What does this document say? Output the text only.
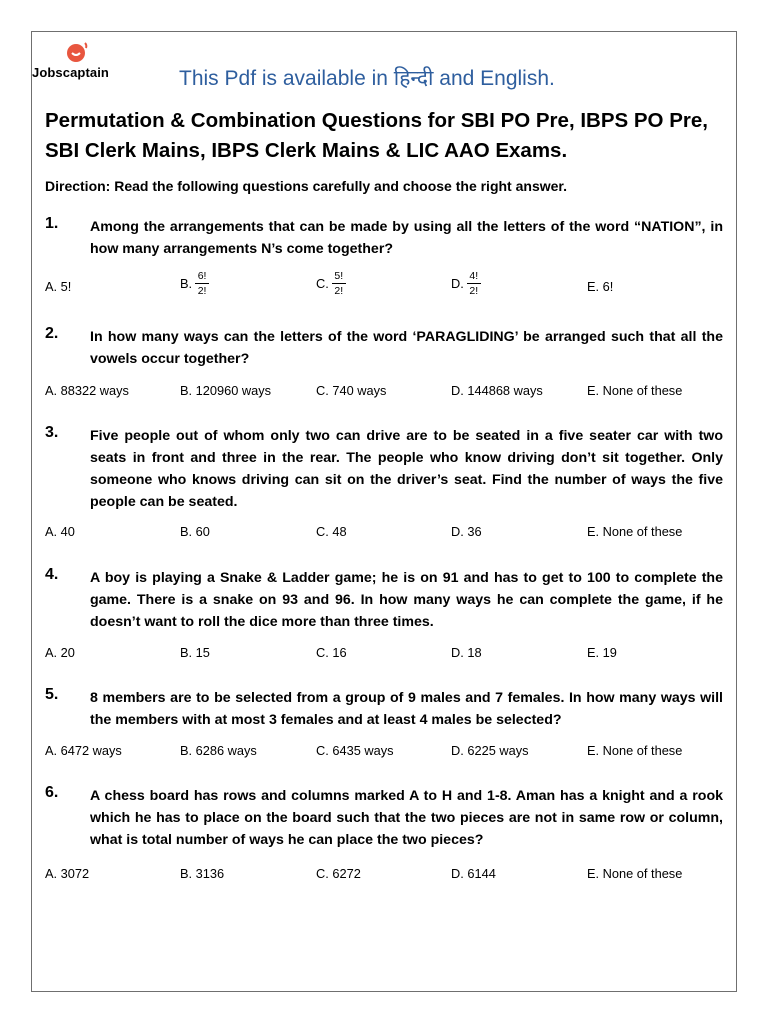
Jobscaptain	This Pdf is available in हिन्दी and English.
Permutation & Combination Questions for SBI PO Pre, IBPS PO Pre, SBI Clerk Mains, IBPS Clerk Mains & LIC AAO Exams.
Direction: Read the following questions carefully and choose the right answer.
1. Among the arrangements that can be made by using all the letters of the word “NATION”, in how many arrangements N’s come together?
A. 5!	B. $\frac{6!}{2!}$	C. $\frac{5!}{2!}$	D. $\frac{4!}{2!}$	E. 6!
2. In how many ways can the letters of the word ‘PARAGLIDING’ be arranged such that all the vowels occur together?
A. 88322 ways	B. 120960 ways	C. 740 ways	D. 144868 ways	E. None of these
3. Five people out of whom only two can drive are to be seated in a five seater car with two seats in front and three in the rear. The people who know driving don’t sit together. Only someone who knows driving can sit on the driver’s seat. Find the number of ways the five people can be seated.
A. 40	B. 60	C. 48	D. 36	E. None of these
4. A boy is playing a Snake & Ladder game; he is on 91 and has to get to 100 to complete the game. There is a snake on 93 and 96. In how many ways he can complete the game, if he doesn’t want to roll the dice more than three times.
A. 20	B. 15	C. 16	D. 18	E. 19
5. 8 members are to be selected from a group of 9 males and 7 females. In how many ways will the members with at most 3 females and at least 4 males be selected?
A. 6472 ways	B. 6286 ways	C. 6435 ways	D. 6225 ways	E. None of these
6. A chess board has rows and columns marked A to H and 1-8. Aman has a knight and a rook which he has to place on the board such that the two pieces are not in same row or column, what is total number of ways he can place the two pieces?
A. 3072	B. 3136	C. 6272	D. 6144	E. None of these
